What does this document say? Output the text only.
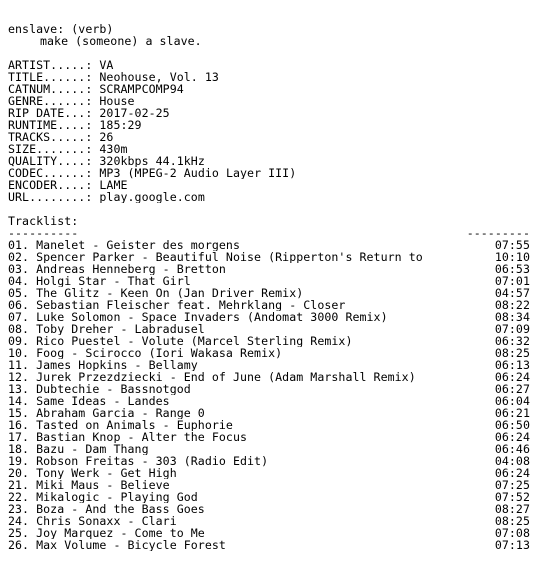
enslave: (verb)
make (someone) a slave.
ARTIST.....: VA
TITLE......: Neohouse, Vol. 13
CATNUM.....: SCRAMPCOMP94
GENRE......: House
RIP DATE...: 2017-02-25
RUNTIME....: 185:29
TRACKS.....: 26
SIZE.......: 430m
QUALITY....: 320kbps 44.1kHz
CODEC......: MP3 (MPEG-2 Audio Layer III)
ENCODER....: LAME
URL........: play.google.com
Tracklist:
----------	---------
01. Manelet - Geister des morgens	07:55
02. Spencer Parker - Beautiful Noise (Ripperton's Return to	10:10
03. Andreas Henneberg - Bretton	06:53
04. Holgi Star - That Girl	07:01
05. The Glitz - Keen On (Jan Driver Remix)	04:57
06. Sebastian Fleischer feat. Mehrklang - Closer	08:22
07. Luke Solomon - Space Invaders (Andomat 3000 Remix)	08:34
08. Toby Dreher - Labradusel	07:09
09. Rico Puestel - Volute (Marcel Sterling Remix)	06:32
10. Foog - Scirocco (Iori Wakasa Remix)	08:25
11. James Hopkins - Bellamy	06:13
12. Jurek Przezdziecki - End of June (Adam Marshall Remix)	06:24
13. Dubtechie - Bassnotgod	06:27
14. Same Ideas - Landes	06:04
15. Abraham Garcia - Range 0	06:21
16. Tasted on Animals - Euphorie	06:50
17. Bastian Knop - Alter the Focus	06:24
18. Bazu - Dam Thang	06:46
19. Robson Freitas - 303 (Radio Edit)	04:08
20. Tony Werk - Get High	06:24
21. Miki Maus - Believe	07:25
22. Mikalogic - Playing God	07:52
23. Boza - And the Bass Goes	08:27
24. Chris Sonaxx - Clari	08:25
25. Joy Marquez - Come to Me	07:08
26. Max Volume - Bicycle Forest	07:13
